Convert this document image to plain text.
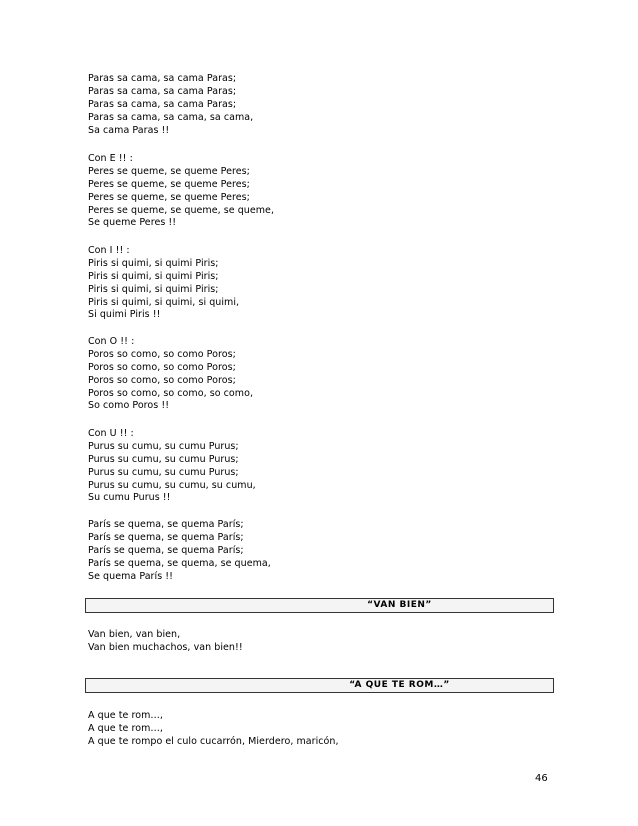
Paras sa cama, sa cama Paras;
Paras sa cama, sa cama Paras;
Paras sa cama, sa cama Paras;
Paras sa cama, sa cama, sa cama,
Sa cama Paras !!
Con E !! :
Peres se queme, se queme Peres;
Peres se queme, se queme Peres;
Peres se queme, se queme Peres;
Peres se queme, se queme, se queme,
Se queme Peres !!
Con I !! :
Piris si quimi, si quimi Piris;
Piris si quimi, si quimi Piris;
Piris si quimi, si quimi Piris;
Piris si quimi, si quimi, si quimi,
Si quimi Piris !!
Con O !! :
Poros so como, so como Poros;
Poros so como, so como Poros;
Poros so como, so como Poros;
Poros so como, so como, so como,
So como Poros !!
Con U !! :
Purus su cumu, su cumu Purus;
Purus su cumu, su cumu Purus;
Purus su cumu, su cumu Purus;
Purus su cumu, su cumu, su cumu,
Su cumu Purus !!
París se quema, se quema París;
París se quema, se quema París;
París se quema, se quema París;
París se quema, se quema, se quema,
Se quema París !!
“VAN BIEN”
Van bien, van bien,
Van bien muchachos, van bien!!
“A QUE TE ROM…”
A que te rom…,
A que te rom…,
A que te rompo el culo cucarrón, Mierdero, maricón,
46
